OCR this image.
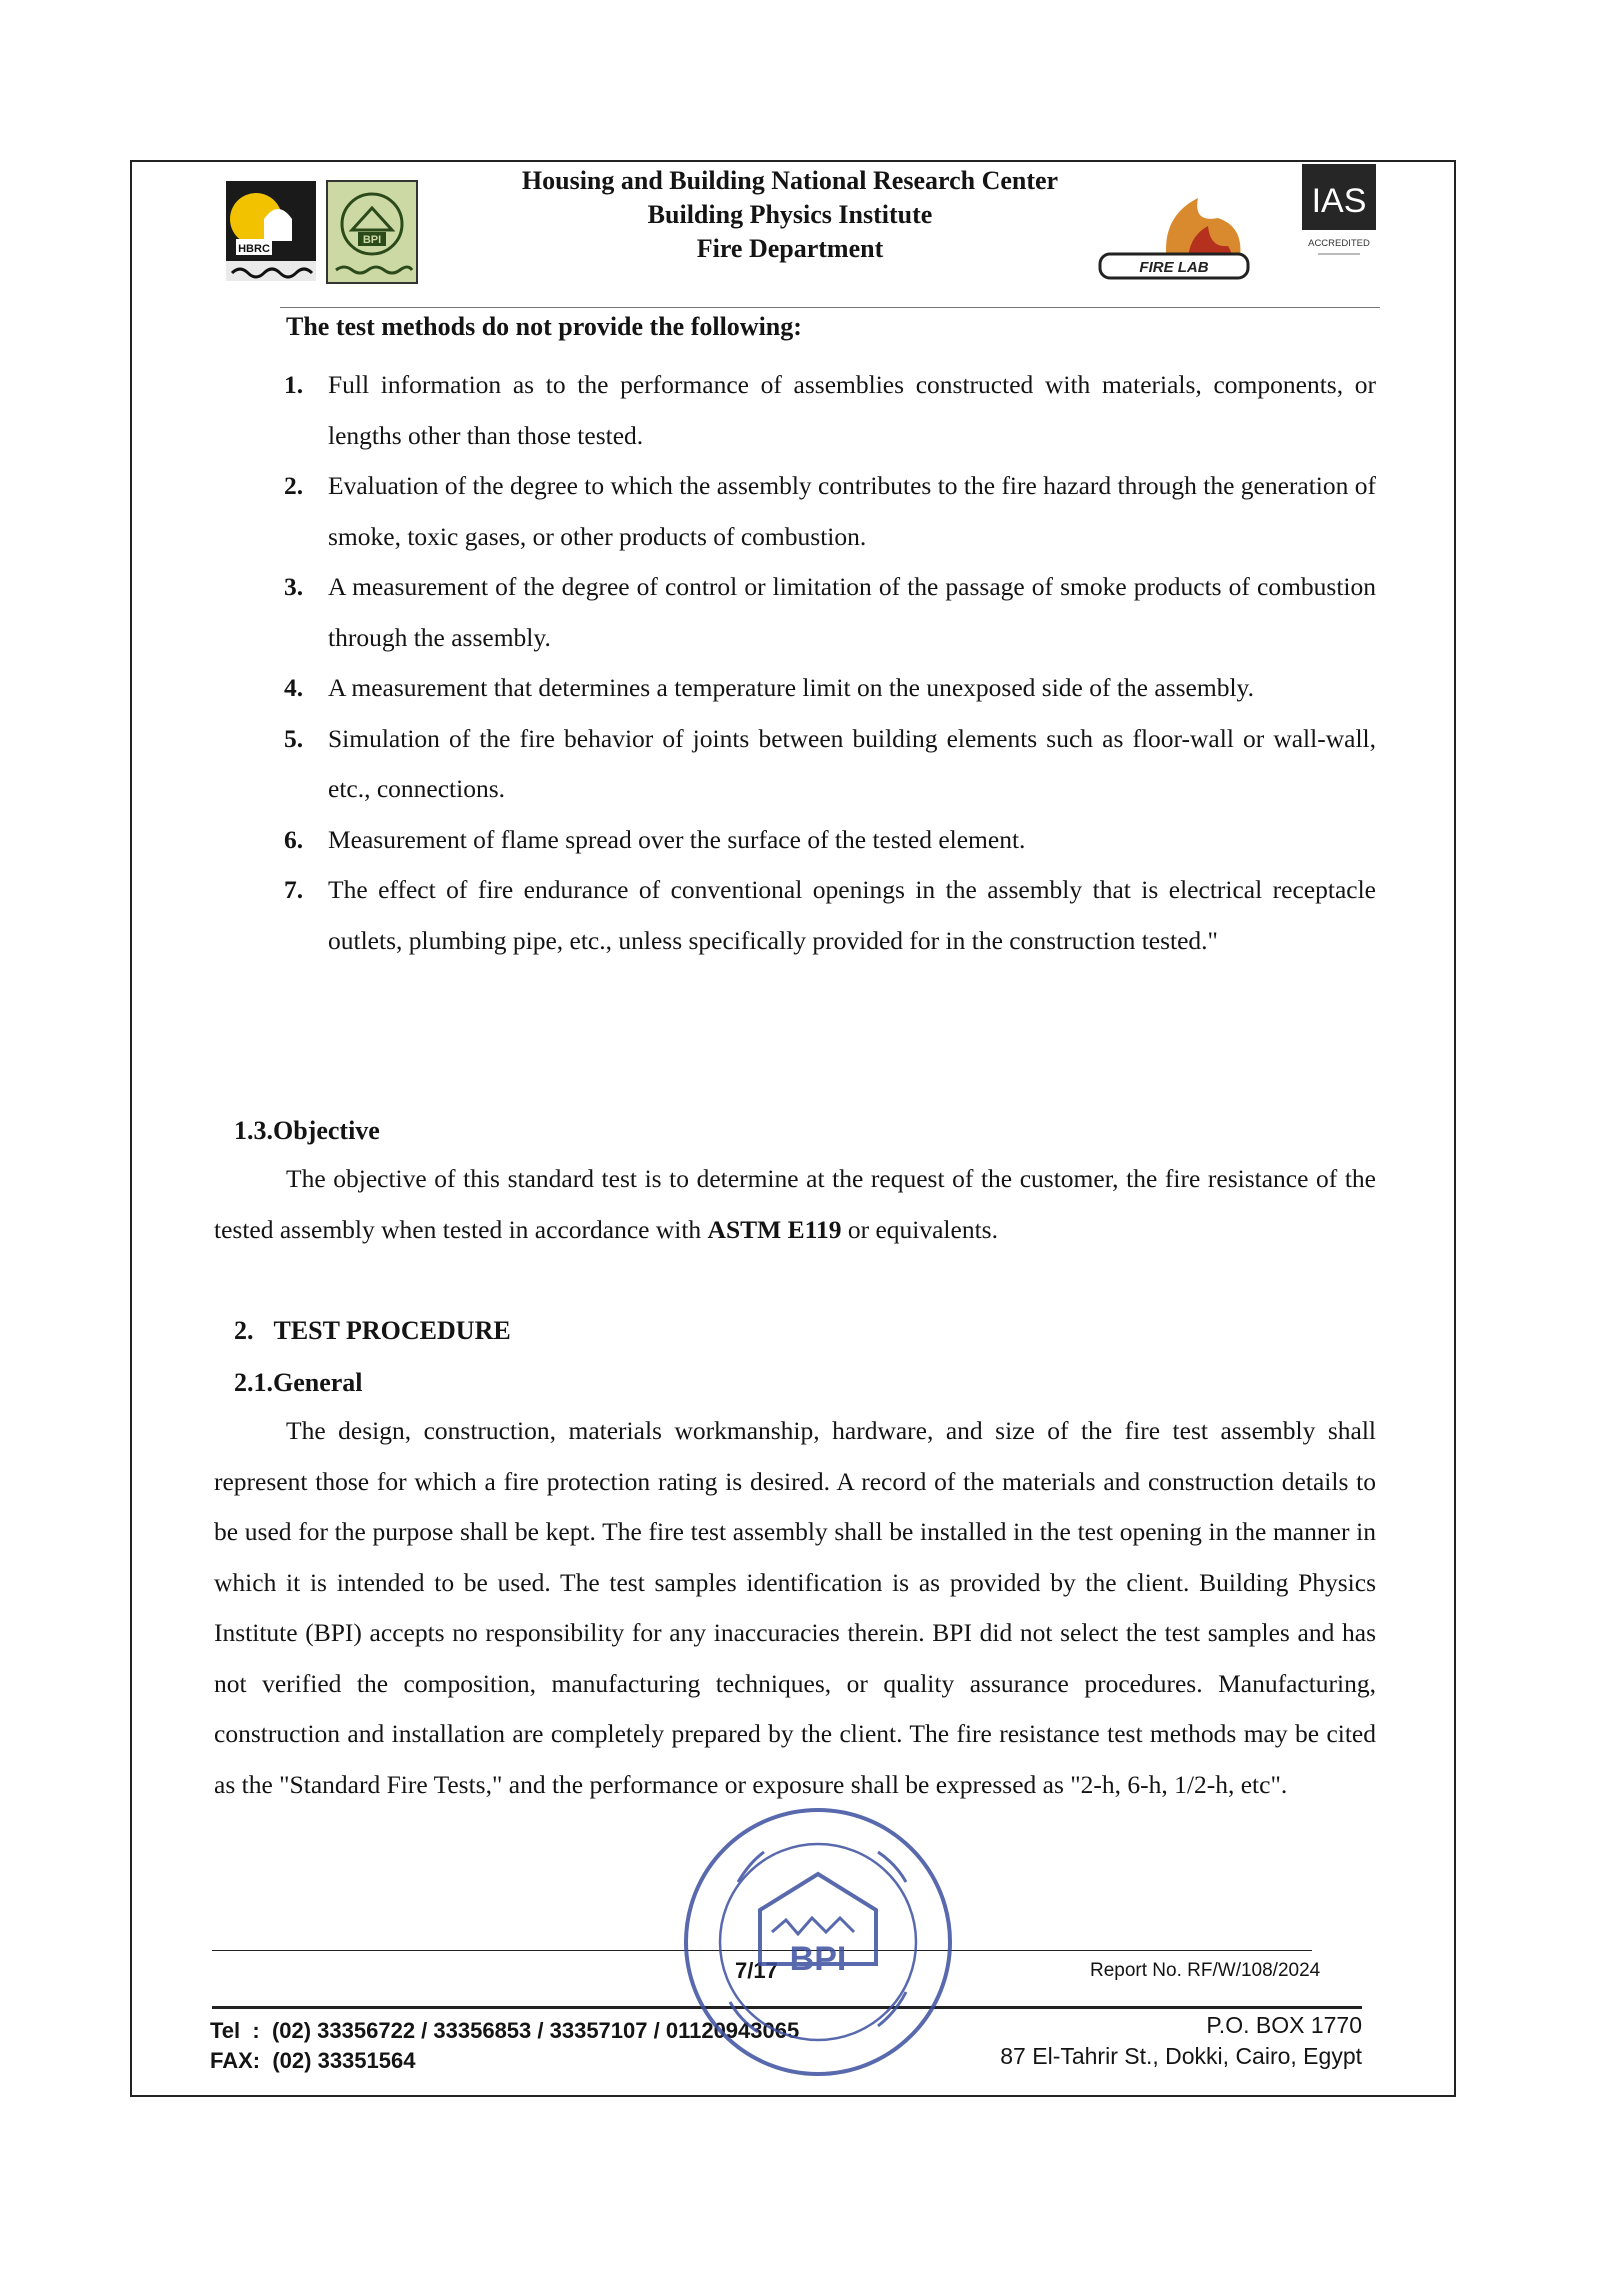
HBRC
BPI
FIRE LAB
IAS
ACCREDITED
Housing and Building National Research Center
Building Physics Institute
Fire Department
The test methods do not provide the following:
1. Full information as to the performance of assemblies constructed with materials, components, or lengths other than those tested.
2. Evaluation of the degree to which the assembly contributes to the fire hazard through the generation of smoke, toxic gases, or other products of combustion.
3. A measurement of the degree of control or limitation of the passage of smoke products of combustion through the assembly.
4. A measurement that determines a temperature limit on the unexposed side of the assembly.
5. Simulation of the fire behavior of joints between building elements such as floor-wall or wall-wall, etc., connections.
6. Measurement of flame spread over the surface of the tested element.
7. The effect of fire endurance of conventional openings in the assembly that is electrical receptacle outlets, plumbing pipe, etc., unless specifically provided for in the construction tested."
1.3.Objective
The objective of this standard test is to determine at the request of the customer, the fire resistance of the tested assembly when tested in accordance with ASTM E119 or equivalents.
2. TEST PROCEDURE
2.1.General
The design, construction, materials workmanship, hardware, and size of the fire test assembly shall represent those for which a fire protection rating is desired. A record of the materials and construction details to be used for the purpose shall be kept. The fire test assembly shall be installed in the test opening in the manner in which it is intended to be used. The test samples identification is as provided by the client. Building Physics Institute (BPI) accepts no responsibility for any inaccuracies therein. BPI did not select the test samples and has not verified the composition, manufacturing techniques, or quality assurance procedures. Manufacturing, construction and installation are completely prepared by the client. The fire resistance test methods may be cited as the "Standard Fire Tests," and the performance or exposure shall be expressed as "2-h, 6-h, 1/2-h, etc".
7/17	Report No. RF/W/108/2024
Tel :  (02) 33356722 / 33356853 / 33357107 / 01120943065
FAX:  (02) 33351564
P.O. BOX 1770
87 El-Tahrir St., Dokki, Cairo, Egypt
BPI
